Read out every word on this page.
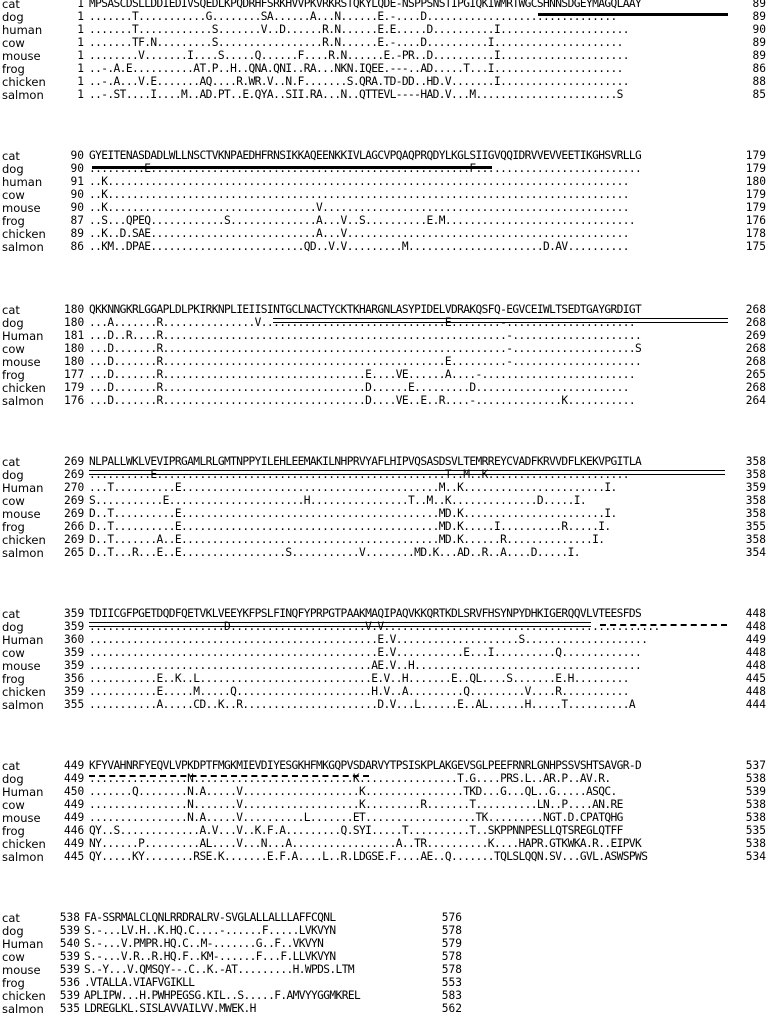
cat	1 MPSASCDSLLDDIEDIVSQEDLKPQDRHFSRKHVVPKVRKRSTQKYLQDE-NSPPSNSTIPGIQKIWMRTWGCSHNNSDGEYMAGQLAAY	89
dog	1 .......T...........G........SA......A...N......E.-....D...............................	89
human	1 .......T............S.......V..D......R.N......E.E.....D..........I.....................	90
cow	1 .......TF.N.........S.................R.N......E.-....D..........I.....................	89
mouse	1 ........V.......I....S.....Q......F....R.N......E.-PR..D..........I.....................	89
frog	1 ..-.A.E..........AT.P..H..QNA.QNI..RA...NKN.IQEE.---..AD.....T...I.....................	86
chicken	1 ..-.A...V.E.......AQ....R.WR.V..N.F.......S.QRA.TD-DD..HD.V.......I.....................	88
salmon	1 ..-.ST....I....M..AD.PT..E.QYA..SII.RA...N..QTTEVL----HAD.V...M.......................S	85
cat	90 GYEITENASDADLWLLNSCTVKNPAEDHFRNSIKKAQEENKKIVLAGCVPQAQPRQDYLKGLSIIGVQQIDRVVEVVEETIKGHSVRLLG	179
dog	90 .........E....................................................F...........................	179
human	91 ..K.....................................................................................	180
cow	90 ..K.....................................................................................	179
mouse	90 ..K..................................V..................................................	179
frog	87 ..S...QPEQ............S..............A...V..S..........E.M...............................	176
chicken	89 ..K..D.SAE...........................A...V..............................................	178
salmon	86 ..KM..DPAE.........................QD..V.V.........M......................D.AV..........	175
cat	180 QKKNNGKRLGGAPLDLPKIRKNPLIEIISINTGCLNACTYCKTKHARGNLASYPIDELVDRAKQSFQ-EGVCEIWLTSEDTGAYGRDIGT	268
dog	180 ...A.......R...............V..............................E........-.....................	268
Human	181 ...D..R....R........................................................-.....................	269
cow	180 ...D.......R........................................................-....................S	268
mouse	180 ...D.......R..............................................E.........-.....................	268
frog	177 ...D.......R.................................E....VE......A....-.........................	265
chicken	179 ...D.......R.................................D......E.........D.........................	268
salmon	176 ...D.......R.................................D....VE..E..R....-..............K...........	264
cat	269 NLPALLWKLVEVIPRGAMLRLGMTNPPYILEHLEEMAKILNHPRVYAFLHIPVQSASDSVLTEMRREYCVADFKRVVDFLKEKVPGITLA	358
dog	269 ..........E...............................................T..M..K.......................	358
Human	270 ...T..........E..........................................M..K.......................I.	359
cow	269 S...........E......................H................T..M..K..............D.....I.	358
mouse	269 D..T..........E..........................................MD.K.......................I.	358
frog	266 D..T..........E..........................................MD.K.....I..........R.....I.	355
chicken	269 D..T.......A..E..........................................MD.K......R..............I.	358
salmon	265 D..T...R...E..E.................S...........V........MD.K...AD..R..A....D.....I.	354
cat	359 TDIICGFPGETDQDFQETVKLVEEYKFPSLFINQFYPRPGTPAAKMAQIPAQVKKQRTKDLSRVFHSYNPYDHKIGERQQVLVTEESFDS	448
dog	359 ......................D......................V.V.............................................	448
Human	360 ...............................................E.V....................S....................	449
cow	359 ...............................................E.V...........E...I..........Q.............	448
mouse	359 ..............................................AE.V..H.....................................	448
frog	356 ...........E..K..L............................E.V..H.......E..QL....S.......E.H.........	445
chicken	359 ...........E.....M.....Q......................H.V..A.........Q.........V....R...........	448
salmon	355 ...........A.....CD..K..R......................D.V...L......E..AL......H.....T..........A	444
cat	449 KFYVAHNRFYEQVLVPKDPTFMGKMIEVDIYESGKHFMKGQPVSDARVYTPSISKPLAKGEVSGLPEEFRNRLGNHPSSVSHTSAVGR-D	537
dog	449 ................N..........................K................T.G....PRS.L..AR.P..AV.R.	538
Human	450 .......Q........N.A.....V...................K................TKD...G...QL..G.....ASQC.	539
cow	449 ................N.......V...................K.........R.......T..........LN..P....AN.RE	538
mouse	449 ................N.A.....V..........L.......ET..................TK.........NGT.D.CPATQHG	538
frog	446 QY..S.............A.V...V..K.F.A.........Q.SYI.....T..........T..SKPPNNPESLLQTSREGLQTFF	535
chicken	449 NY......P.........AL....V...N...A.................A..TR..........K....HAPR.GTKWKA.R..EIPVK	538
salmon	445 QY.....KY........RSE.K.......E.F.A....L..R.LDGSE.F....AE..Q.......TQLSLQQN.SV...GVL.ASWSPWS	534
cat	538 FA-SSRMALCLQNLRRDRALRV-SVGLALLALLLAFFCQNL	576
dog	539 S.-...LV.H..K.HQ.C....-......F.....LVKVYN	578
Human	540 S.-...V.PMPR.HQ.C..M-.......G..F..VKVYN	579
cow	539 S.-...V.R..R.HQ.F..KM-......F...F.LLVKVYN	578
mouse	539 S.-Y...V.QMSQY--.C..K.-AT.........H.WPDS.LTM	578
frog	536 .VTALLA.VIAFVGIKLL	553
chicken	539 APLIPW...H.PWHPEGSG.KIL..S.....F.AMVYYGGMKREL	583
salmon	535 LDREGLKL.SISLAVVAILVV.MWEK.H	562
